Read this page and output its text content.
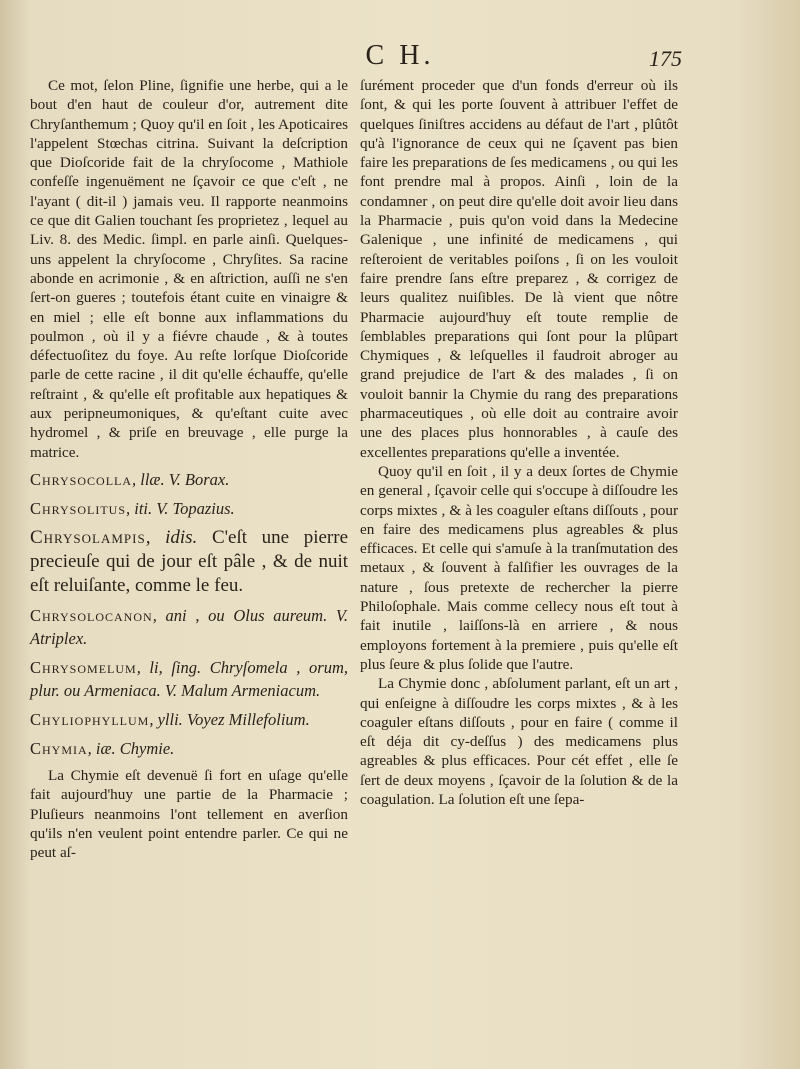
C H.	175

Ce mot, ſelon Pline, ſignifie une herbe, qui a le bout d'en haut de couleur d'or, autrement dite Chryſanthemum ; Quoy qu'il en ſoit , les Apoticaires l'appelent Stœchas citrina. Suivant la deſcription que Dioſcoride fait de la chryſocome , Mathiole confeſſe ingenuëment ne ſçavoir ce que c'eſt , ne l'ayant ( dit-il ) jamais veu. Il rapporte neanmoins ce que dit Galien touchant ſes proprietez , lequel au Liv. 8. des Medic. ſimpl. en parle ainſi. Quelques-uns appelent la chryſocome , Chryſites. Sa racine abonde en acrimonie , & en aſtriction, auſſi ne s'en ſert-on gueres ; toutefois étant cuite en vinaigre & en miel ; elle eſt bonne aux inflammations du poulmon , où il y a fiévre chaude , & à toutes défectuoſitez du foye. Au reſte lorſque Dioſcoride parle de cette racine , il dit qu'elle échauffe, qu'elle reſtraint , & qu'elle eſt profitable aux hepatiques & aux peripneumoniques, & qu'eſtant cuite avec hydromel , & priſe en breuvage , elle purge la matrice.

Chrysocolla, llæ. V. Borax.
Chrysolitus, iti. V. Topazius.
Chrysolampis, idis. C'eſt une pierre precieuſe qui de jour eſt pâle , & de nuit eſt reluiſante, comme le feu.
Chrysolocanon, ani , ou Olus aureum. V. Atriplex.
Chrysomelum, li, ſing. Chryſomela , orum, plur. ou Armeniaca. V. Malum Armeniacum.
Chyliophyllum, ylli. Voyez Millefolium.
Chymia, iæ. Chymie.

La Chymie eſt devenuë ſi fort en uſage qu'elle fait aujourd'huy une partie de la Pharmacie ; Pluſieurs neanmoins l'ont tellement en averſion qu'ils n'en veulent point entendre parler. Ce qui ne peut aſ-

ſurément proceder que d'un fonds d'erreur où ils ſont, & qui les porte ſouvent à attribuer l'effet de quelques ſiniſtres accidens au défaut de l'art , plûtôt qu'à l'ignorance de ceux qui ne ſçavent pas bien faire les preparations de ſes medicamens , ou qui les font prendre mal à propos. Ainſi , loin de la condamner , on peut dire qu'elle doit avoir lieu dans la Pharmacie , puis qu'on void dans la Medecine Galenique , une infinité de medicamens , qui reſteroient de veritables poiſons , ſi on les vouloit faire prendre ſans eſtre preparez , & corrigez de leurs qualitez nuiſibles. De là vient que nôtre Pharmacie aujourd'huy eſt toute remplie de ſemblables preparations qui ſont pour la plûpart Chymiques , & leſquelles il faudroit abroger au grand prejudice de l'art & des malades , ſi on vouloit bannir la Chymie du rang des preparations pharmaceutiques , où elle doit au contraire avoir une des places plus honnorables , à cauſe des excellentes preparations qu'elle a inventée.

Quoy qu'il en ſoit , il y a deux ſortes de Chymie en general , ſçavoir celle qui s'occupe à diſſoudre les corps mixtes , & à les coaguler eſtans diſſouts , pour en faire des medicamens plus agreables & plus efficaces. Et celle qui s'amuſe à la tranſmutation des metaux , & ſouvent à falſifier les ouvrages de la nature , ſous pretexte de rechercher la pierre Philoſophale. Mais comme cellecy nous eſt tout à fait inutile , laiſſons-là en arriere , & nous employons fortement à la premiere , puis qu'elle eſt plus ſeure & plus ſolide que l'autre.

La Chymie donc , abſolument parlant, eſt un art , qui enſeigne à diſſoudre les corps mixtes , & à les coaguler eſtans diſſouts , pour en faire ( comme il eſt déja dit cy-deſſus ) des medicamens plus agreables & plus efficaces. Pour cét effet , elle ſe ſert de deux moyens , ſçavoir de la ſolution & de la coagulation. La ſolution eſt une ſepa-
